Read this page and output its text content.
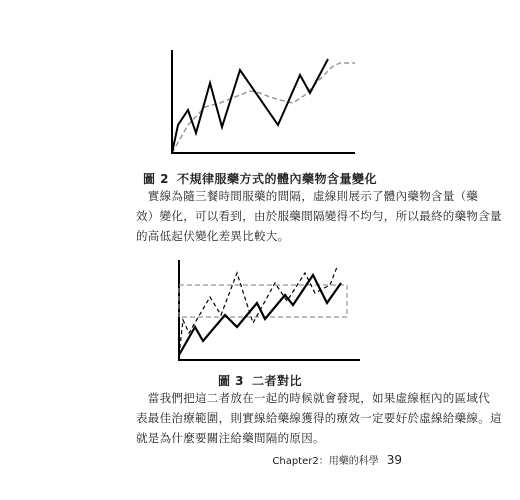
圖 2 不規律服藥方式的體內藥物含量變化
　實線為隨三餐時間服藥的間隔，虛線則展示了體內藥物含量（藥
效）變化，可以看到，由於服藥間隔變得不均勻，所以最終的藥物含量
的高低起伏變化差異比較大。
圖 3 二者對比
　當我們把這二者放在一起的時候就會發現，如果虛線框內的區域代
表最佳治療範圍，則實線給藥線獲得的療效一定要好於虛線給藥線。這
就是為什麼要關注給藥間隔的原因。
Chapter2：用藥的科學 39
